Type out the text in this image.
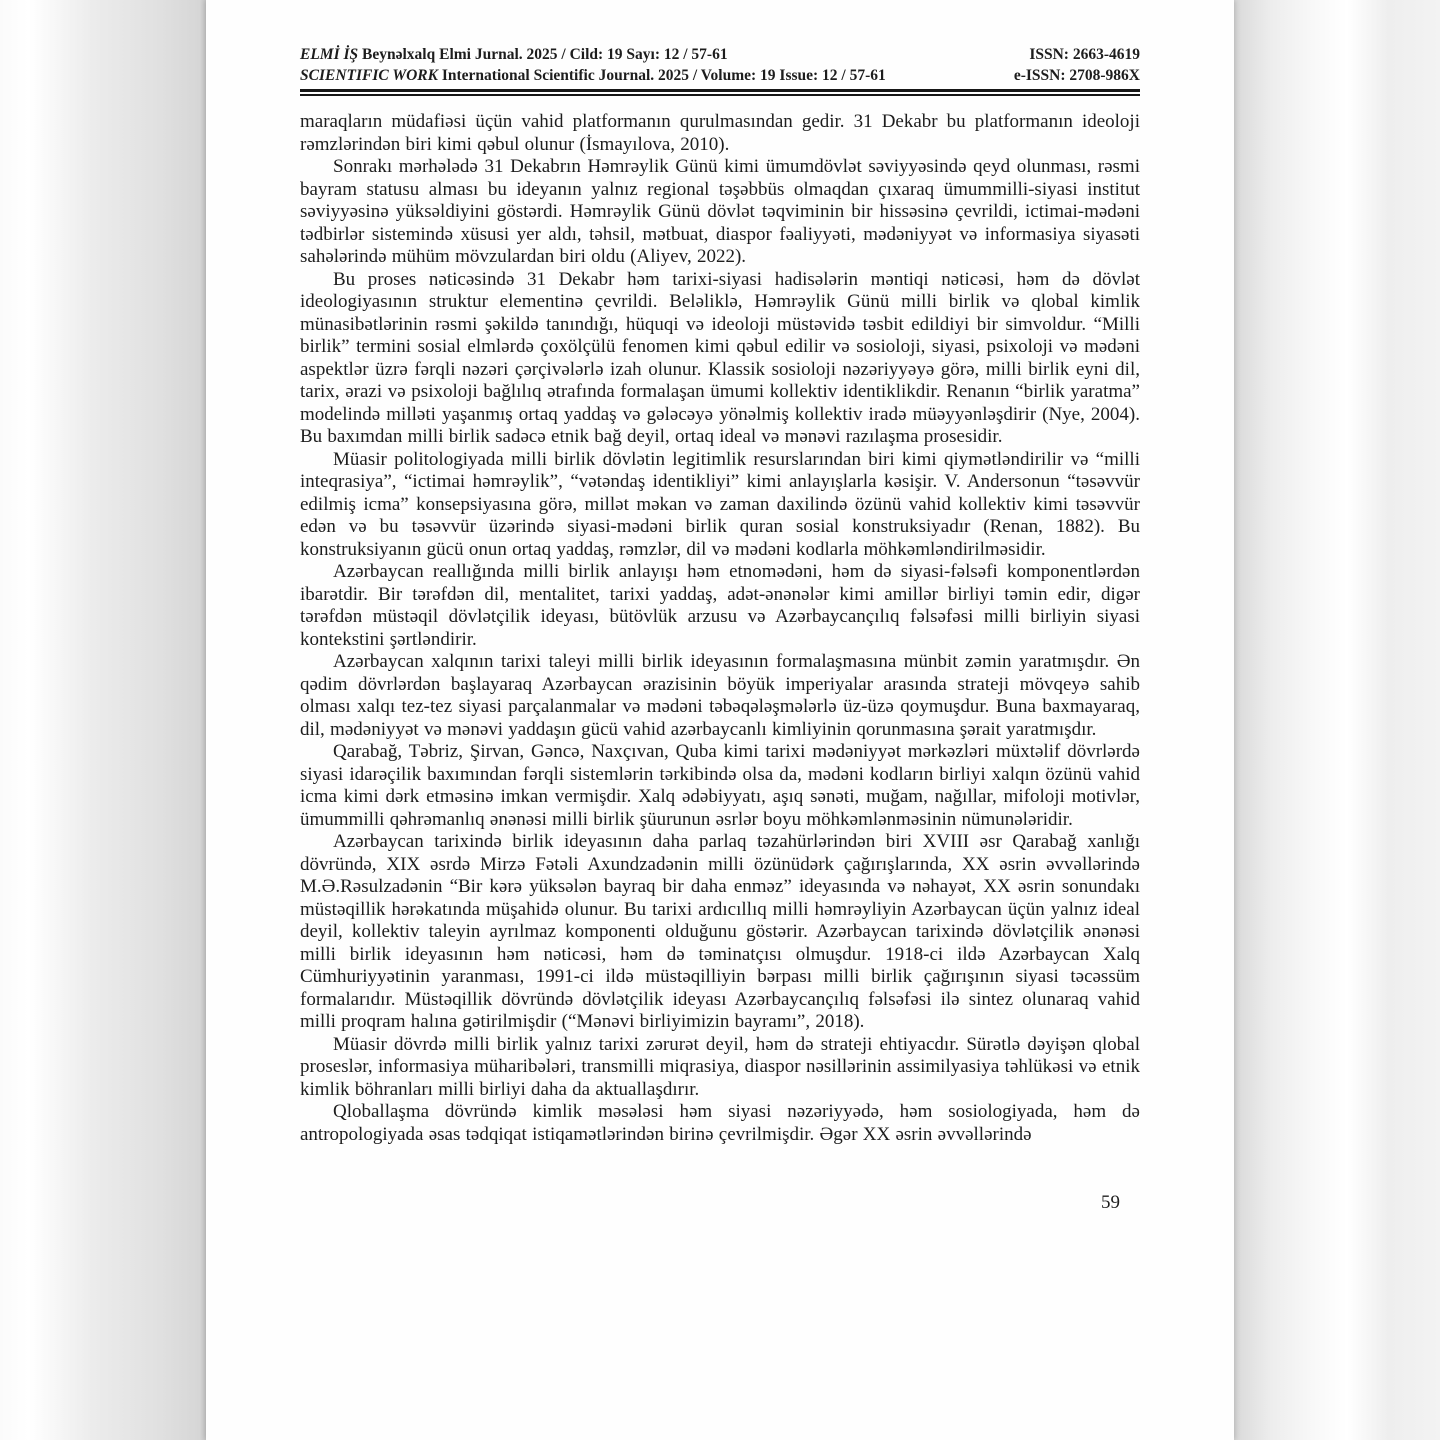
ELMİ İŞ Beynəlxalq Elmi Jurnal. 2025 / Cild: 19 Sayı: 12 / 57-61
SCIENTIFIC WORK International Scientific Journal. 2025 / Volume: 19 Issue: 12 / 57-61
ISSN: 2663-4619
e-ISSN: 2708-986X

maraqların müdafiəsi üçün vahid platformanın qurulmasından gedir. 31 Dekabr bu platformanın ideoloji rəmzlərindən biri kimi qəbul olunur (İsmayılova, 2010).

Sonrakı mərhələdə 31 Dekabrın Həmrəylik Günü kimi ümumdövlət səviyyəsində qeyd olunması, rəsmi bayram statusu alması bu ideyanın yalnız regional təşəbbüs olmaqdan çıxaraq ümummilli-siyasi institut səviyyəsinə yüksəldiyini göstərdi. Həmrəylik Günü dövlət təqviminin bir hissəsinə çevrildi, ictimai-mədəni tədbirlər sistemində xüsusi yer aldı, təhsil, mətbuat, diaspor fəaliyyəti, mədəniyyət və informasiya siyasəti sahələrində mühüm mövzulardan biri oldu (Aliyev, 2022).

Bu proses nəticəsində 31 Dekabr həm tarixi-siyasi hadisələrin məntiqi nəticəsi, həm də dövlət ideologiyasının struktur elementinə çevrildi. Beləliklə, Həmrəylik Günü milli birlik və qlobal kimlik münasibətlərinin rəsmi şəkildə tanındığı, hüquqi və ideoloji müstəvidə təsbit edildiyi bir simvoldur. “Milli birlik” termini sosial elmlərdə çoxölçülü fenomen kimi qəbul edilir və sosioloji, siyasi, psixoloji və mədəni aspektlər üzrə fərqli nəzəri çərçivələrlə izah olunur. Klassik sosioloji nəzəriyyəyə görə, milli birlik eyni dil, tarix, ərazi və psixoloji bağlılıq ətrafında formalaşan ümumi kollektiv identiklikdir. Renanın “birlik yaratma” modelində milləti yaşanmış ortaq yaddaş və gələcəyə yönəlmiş kollektiv iradə müəyyənləşdirir (Nye, 2004). Bu baxımdan milli birlik sadəcə etnik bağ deyil, ortaq ideal və mənəvi razılaşma prosesidir.

Müasir politologiyada milli birlik dövlətin legitimlik resurslarından biri kimi qiymətləndirilir və “milli inteqrasiya”, “ictimai həmrəylik”, “vətəndaş identikliyi” kimi anlayışlarla kəsişir. V. Andersonun “təsəvvür edilmiş icma” konsepsiyasına görə, millət məkan və zaman daxilində özünü vahid kollektiv kimi təsəvvür edən və bu təsəvvür üzərində siyasi-mədəni birlik quran sosial konstruksiyadır (Renan, 1882). Bu konstruksiyanın gücü onun ortaq yaddaş, rəmzlər, dil və mədəni kodlarla möhkəmləndirilməsidir.

Azərbaycan reallığında milli birlik anlayışı həm etnomədəni, həm də siyasi-fəlsəfi komponentlərdən ibarətdir. Bir tərəfdən dil, mentalitet, tarixi yaddaş, adət-ənənələr kimi amillər birliyi təmin edir, digər tərəfdən müstəqil dövlətçilik ideyası, bütövlük arzusu və Azərbaycançılıq fəlsəfəsi milli birliyin siyasi kontekstini şərtləndirir.

Azərbaycan xalqının tarixi taleyi milli birlik ideyasının formalaşmasına münbit zəmin yaratmışdır. Ən qədim dövrlərdən başlayaraq Azərbaycan ərazisinin böyük imperiyalar arasında strateji mövqeyə sahib olması xalqı tez-tez siyasi parçalanmalar və mədəni təbəqələşmələrlə üz-üzə qoymuşdur. Buna baxmayaraq, dil, mədəniyyət və mənəvi yaddaşın gücü vahid azərbaycanlı kimliyinin qorunmasına şərait yaratmışdır.

Qarabağ, Təbriz, Şirvan, Gəncə, Naxçıvan, Quba kimi tarixi mədəniyyət mərkəzləri müxtəlif dövrlərdə siyasi idarəçilik baxımından fərqli sistemlərin tərkibində olsa da, mədəni kodların birliyi xalqın özünü vahid icma kimi dərk etməsinə imkan vermişdir. Xalq ədəbiyyatı, aşıq sənəti, muğam, nağıllar, mifoloji motivlər, ümummilli qəhrəmanlıq ənənəsi milli birlik şüurunun əsrlər boyu möhkəmlənməsinin nümunələridir.

Azərbaycan tarixində birlik ideyasının daha parlaq təzahürlərindən biri XVIII əsr Qarabağ xanlığı dövründə, XIX əsrdə Mirzə Fətəli Axundzadənin milli özünüdərk çağırışlarında, XX əsrin əvvəllərində M.Ə.Rəsulzadənin “Bir kərə yüksələn bayraq bir daha enməz” ideyasında və nəhayət, XX əsrin sonundakı müstəqillik hərəkatında müşahidə olunur. Bu tarixi ardıcıllıq milli həmrəyliyin Azərbaycan üçün yalnız ideal deyil, kollektiv taleyin ayrılmaz komponenti olduğunu göstərir. Azərbaycan tarixində dövlətçilik ənənəsi milli birlik ideyasının həm nəticəsi, həm də təminatçısı olmuşdur. 1918-ci ildə Azərbaycan Xalq Cümhuriyyətinin yaranması, 1991-ci ildə müstəqilliyin bərpası milli birlik çağırışının siyasi təcəssüm formalarıdır. Müstəqillik dövründə dövlətçilik ideyası Azərbaycançılıq fəlsəfəsi ilə sintez olunaraq vahid milli proqram halına gətirilmişdir (“Mənəvi birliyimizin bayramı”, 2018).

Müasir dövrdə milli birlik yalnız tarixi zərurət deyil, həm də strateji ehtiyacdır. Sürətlə dəyişən qlobal proseslər, informasiya müharibələri, transmilli miqrasiya, diaspor nəsillərinin assimilyasiya təhlükəsi və etnik kimlik böhranları milli birliyi daha da aktuallaşdırır.

Qloballaşma dövründə kimlik məsələsi həm siyasi nəzəriyyədə, həm sosiologiyada, həm də antropologiyada əsas tədqiqat istiqamətlərindən birinə çevrilmişdir. Əgər XX əsrin əvvəllərində

59
